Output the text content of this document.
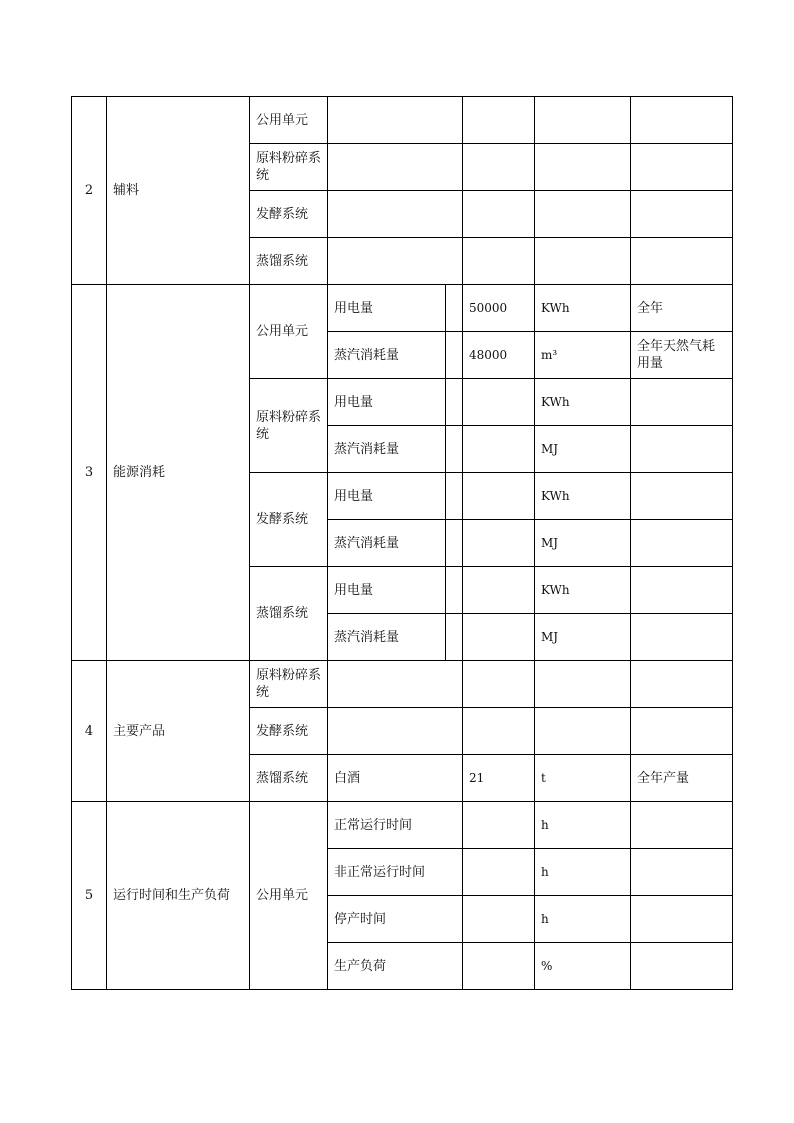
2	辅料	公用单元					
		原料粉碎系统					
		发酵系统					
		蒸馏系统					
3	能源消耗	公用单元	用电量		50000	KWh	全年
			蒸汽消耗量		48000	m³	全年天然气耗用量
		原料粉碎系统	用电量			KWh	
			蒸汽消耗量			MJ	
		发酵系统	用电量			KWh	
			蒸汽消耗量			MJ	
		蒸馏系统	用电量			KWh	
			蒸汽消耗量			MJ	
4	主要产品	原料粉碎系统					
		发酵系统					
		蒸馏系统	白酒		21	t	全年产量
5	运行时间和生产负荷	公用单元	正常运行时间			h	
			非正常运行时间			h	
			停产时间			h	
			生产负荷			%	
